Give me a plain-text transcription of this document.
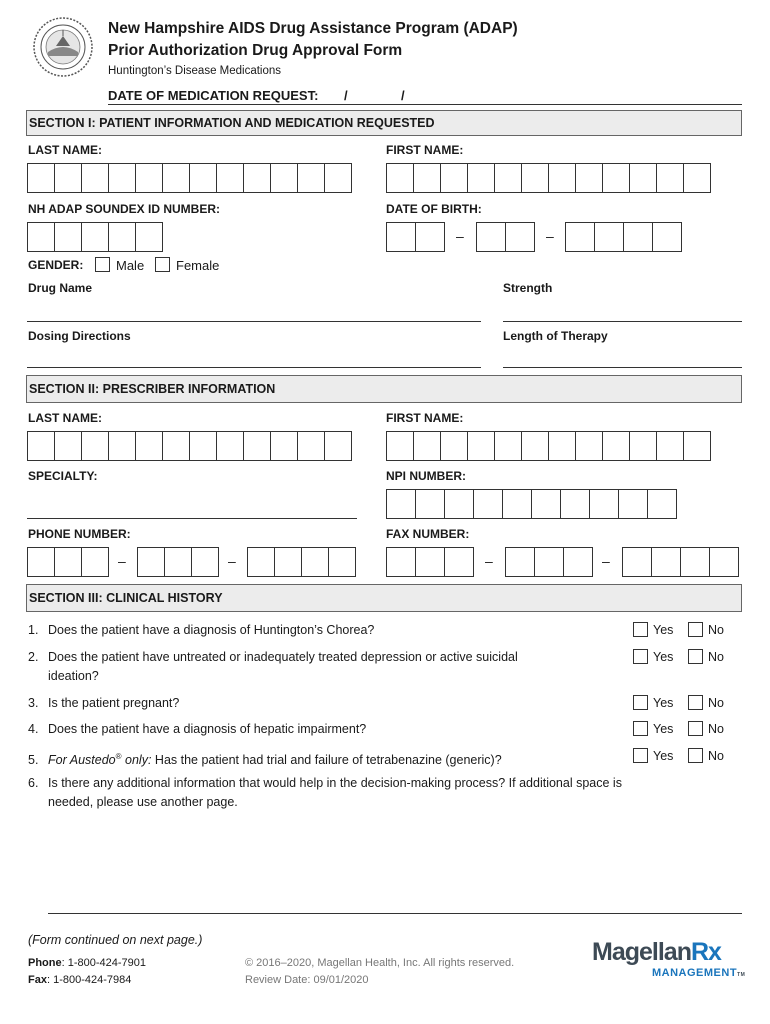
New Hampshire AIDS Drug Assistance Program (ADAP)
Prior Authorization Drug Approval Form
Huntington’s Disease Medications
DATE OF MEDICATION REQUEST: /	/
SECTION I: PATIENT INFORMATION AND MEDICATION REQUESTED
LAST NAME:	FIRST NAME:
NH ADAP SOUNDEX ID NUMBER:	DATE OF BIRTH:
–	–
GENDER:	Male Female
Drug Name	Strength
Dosing Directions	Length of Therapy
SECTION II: PRESCRIBER INFORMATION
LAST NAME:	FIRST NAME:
SPECIALTY:	NPI NUMBER:
PHONE NUMBER:	FAX NUMBER:
–	–	–	–
SECTION III: CLINICAL HISTORY
1. Does the patient have a diagnosis of Huntington’s Chorea?	Yes	No
2. Does the patient have untreated or inadequately treated depression or active suicidal
ideation?
Yes	No
3. Is the patient pregnant?	Yes	No
4. Does the patient have a diagnosis of hepatic impairment?	Yes	No
5. For Austedo® only: Has the patient had trial and failure of tetrabenazine (generic)?	Yes	No
6. Is there any additional information that would help in the decision-making process? If additional space is
needed, please use another page.
(Form continued on next page.)
Phone: 1-800-424-7901
Fax: 1-800-424-7984
© 2016–2020, Magellan Health, Inc. All rights reserved.
Review Date: 09/01/2020
MagellanRx
MANAGEMENTTM
